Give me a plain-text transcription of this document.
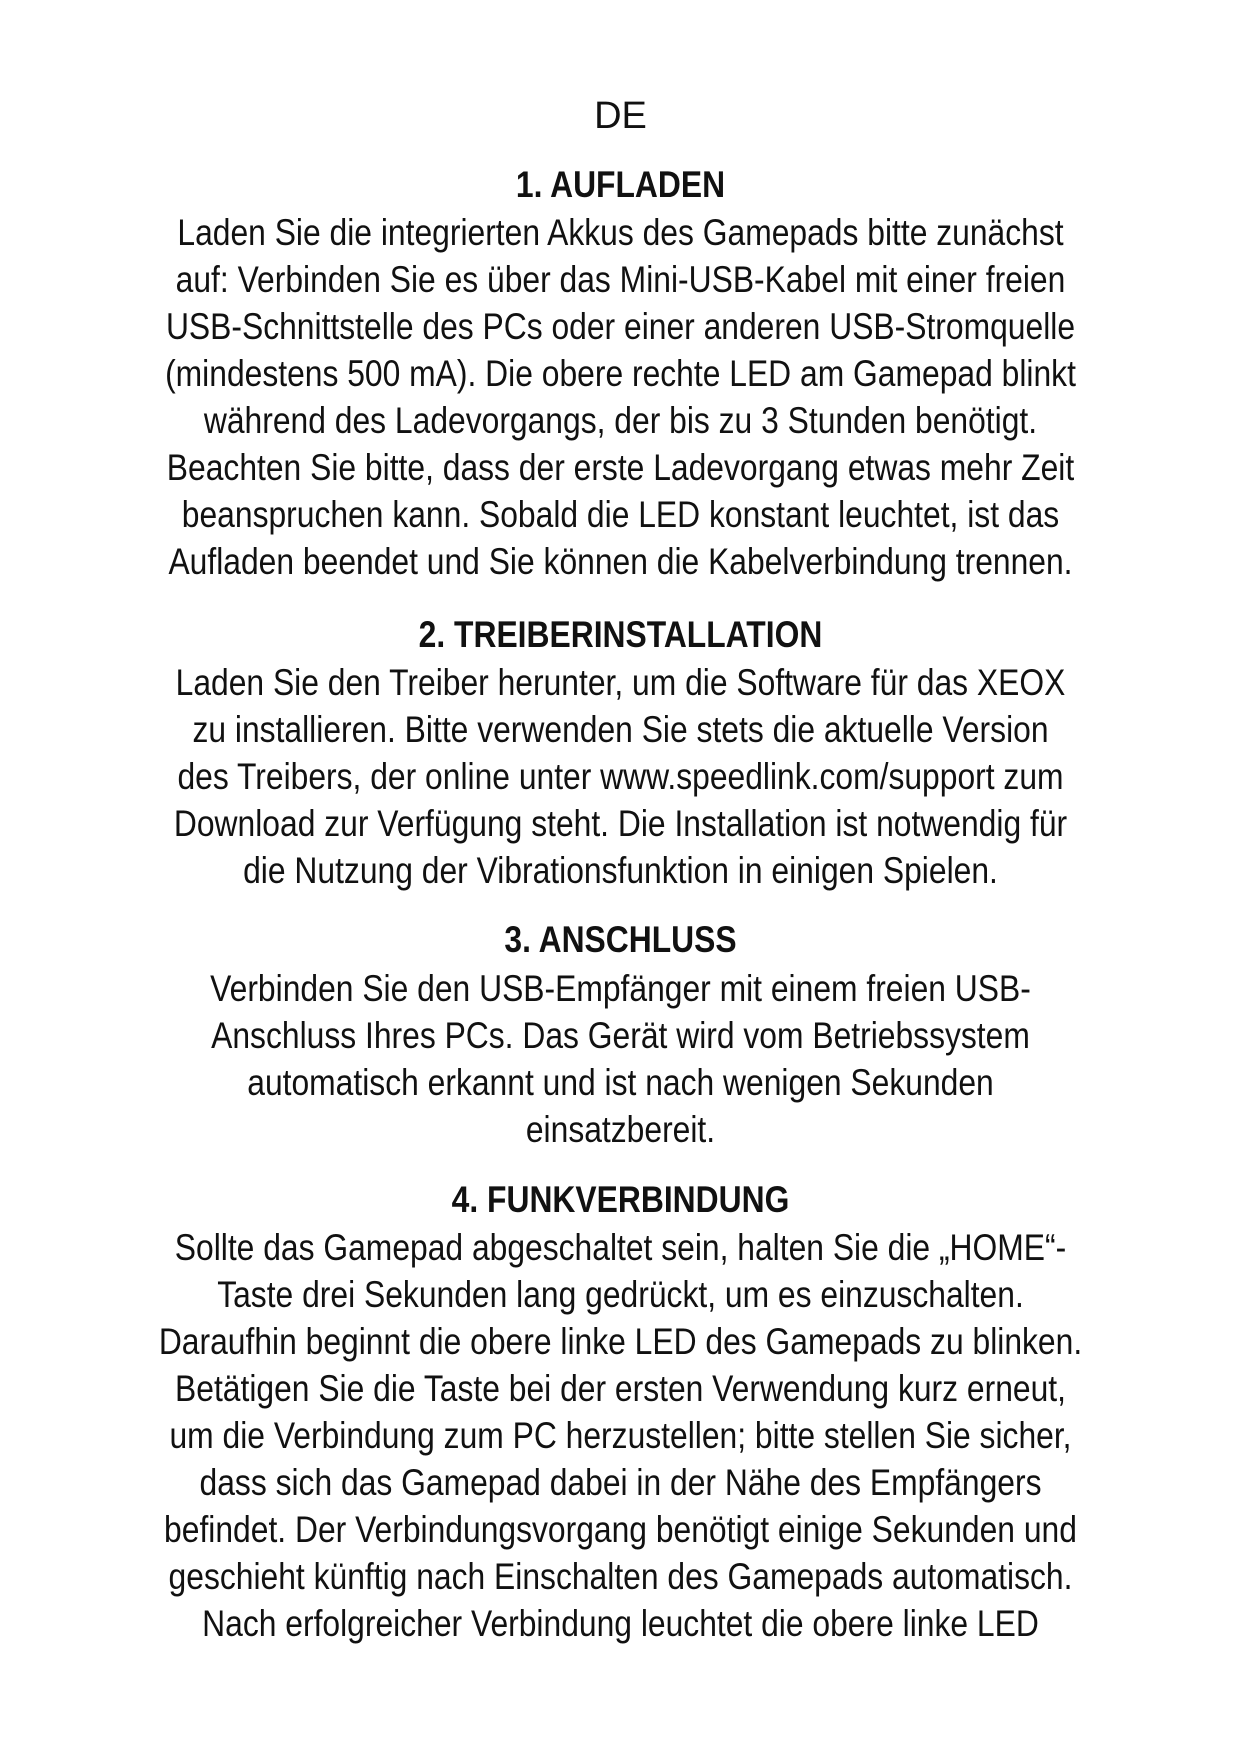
DE
1. AUFLADEN
Laden Sie die integrierten Akkus des Gamepads bitte zunächst
auf: Verbinden Sie es über das Mini-USB-Kabel mit einer freien
USB-Schnittstelle des PCs oder einer anderen USB-Stromquelle
(mindestens 500 mA). Die obere rechte LED am Gamepad blinkt
während des Ladevorgangs, der bis zu 3 Stunden benötigt.
Beachten Sie bitte, dass der erste Ladevorgang etwas mehr Zeit
beanspruchen kann. Sobald die LED konstant leuchtet, ist das
Aufladen beendet und Sie können die Kabelverbindung trennen.
2. TREIBERINSTALLATION
Laden Sie den Treiber herunter, um die Software für das XEOX
zu installieren. Bitte verwenden Sie stets die aktuelle Version
des Treibers, der online unter www.speedlink.com/support zum
Download zur Verfügung steht. Die Installation ist notwendig für
die Nutzung der Vibrationsfunktion in einigen Spielen.
3. ANSCHLUSS
Verbinden Sie den USB-Empfänger mit einem freien USB-
Anschluss Ihres PCs. Das Gerät wird vom Betriebssystem
automatisch erkannt und ist nach wenigen Sekunden
einsatzbereit.
4. FUNKVERBINDUNG
Sollte das Gamepad abgeschaltet sein, halten Sie die „HOME“-
Taste drei Sekunden lang gedrückt, um es einzuschalten.
Daraufhin beginnt die obere linke LED des Gamepads zu blinken.
Betätigen Sie die Taste bei der ersten Verwendung kurz erneut,
um die Verbindung zum PC herzustellen; bitte stellen Sie sicher,
dass sich das Gamepad dabei in der Nähe des Empfängers
befindet. Der Verbindungsvorgang benötigt einige Sekunden und
geschieht künftig nach Einschalten des Gamepads automatisch.
Nach erfolgreicher Verbindung leuchtet die obere linke LED
